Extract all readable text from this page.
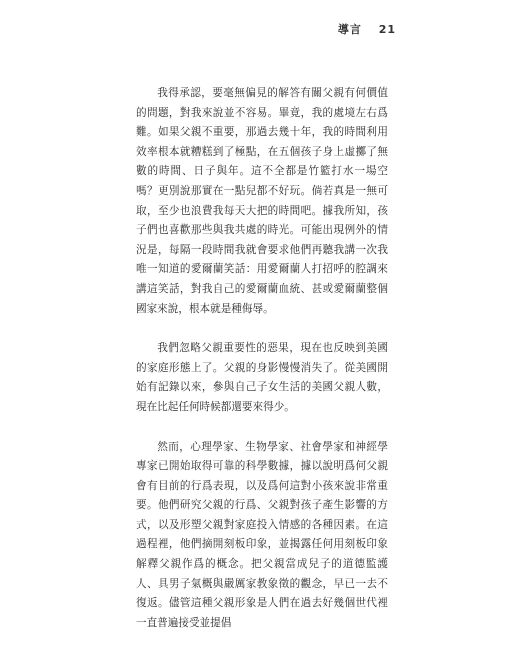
導言 21

我得承認，要毫無偏見的解答有關父親有何價值的問題，對我來說並不容易。畢竟，我的處境左右爲難。如果父親不重要，那過去幾十年，我的時間利用效率根本就糟糕到了極點，在五個孩子身上虛擲了無數的時間、日子與年。這不全都是竹籃打水一場空嗎？更別說那實在一點兒都不好玩。倘若真是一無可取，至少也浪費我每天大把的時間吧。據我所知，孩子們也喜歡那些與我共處的時光。可能出現例外的情況是，每隔一段時間我就會要求他們再聽我講一次我唯一知道的愛爾蘭笑話：用愛爾蘭人打招呼的腔調來講這笑話，對我自己的愛爾蘭血統、甚或愛爾蘭整個國家來說，根本就是種侮辱。

我們忽略父親重要性的惡果，現在也反映到美國的家庭形態上了。父親的身影慢慢消失了。從美國開始有記錄以來，參與自己子女生活的美國父親人數，現在比起任何時候都還要來得少。

然而，心理學家、生物學家、社會學家和神經學專家已開始取得可靠的科學數據，據以說明爲何父親會有目前的行爲表現，以及爲何這對小孩來說非常重要。他們研究父親的行爲、父親對孩子產生影響的方式，以及形塑父親對家庭投入情感的各種因素。在這過程裡，他們摘開刻板印象，並揭露任何用刻板印象解釋父親作爲的概念。把父親當成兒子的道德監護人、具男子氣概與嚴厲家教象徵的觀念，早已一去不復返。儘管這種父親形象是人們在過去好幾個世代裡一直普遍接受並提倡
